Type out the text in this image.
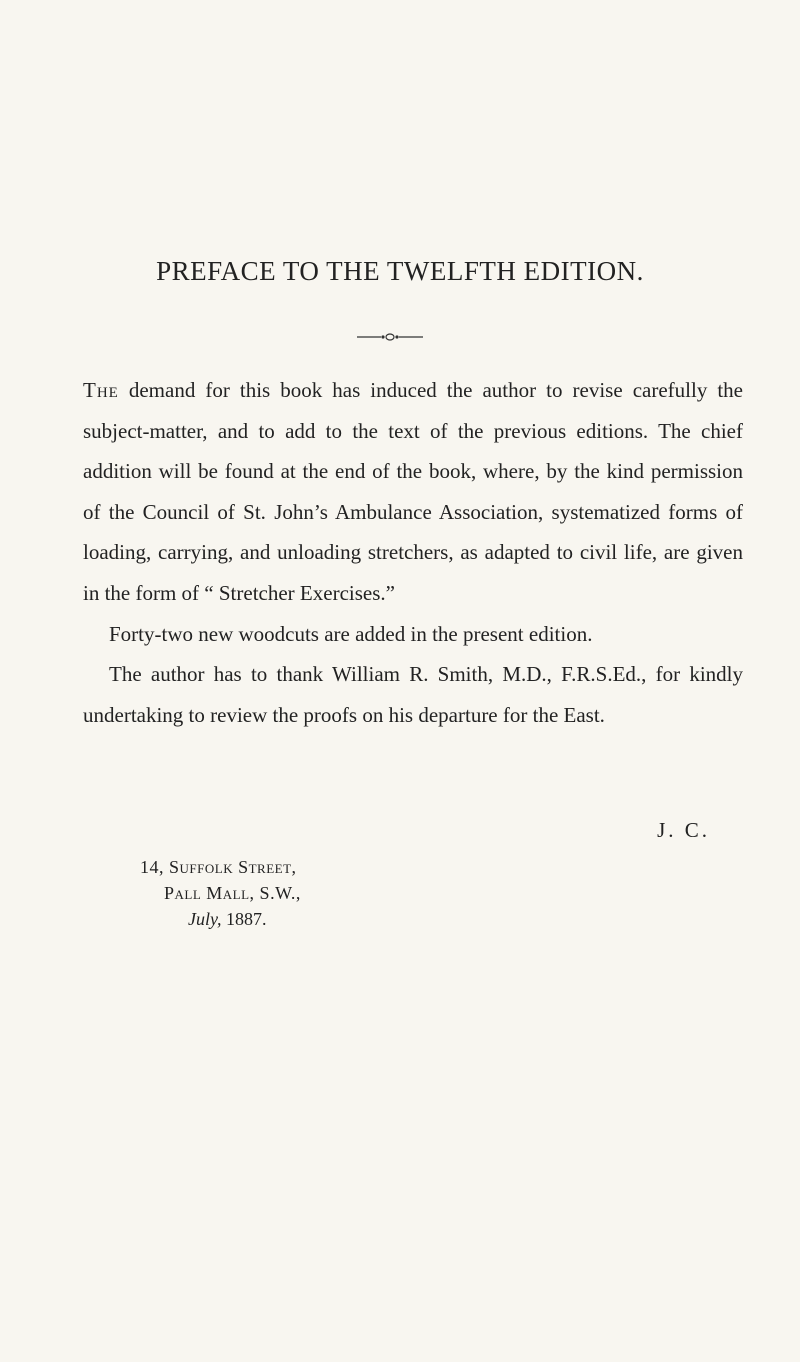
PREFACE TO THE TWELFTH EDITION.

The demand for this book has induced the author to revise carefully the subject-matter, and to add to the text of the previous editions. The chief addition will be found at the end of the book, where, by the kind permission of the Council of St. John’s Ambulance Association, systematized forms of loading, carrying, and unloading stretchers, as adapted to civil life, are given in the form of “ Stretcher Exercises.”

Forty-two new woodcuts are added in the present edition.

The author has to thank William R. Smith, M.D., F.R.S.Ed., for kindly undertaking to review the proofs on his departure for the East.

J. C.
14, Suffolk Street,
Pall Mall, S.W.,
July, 1887.
